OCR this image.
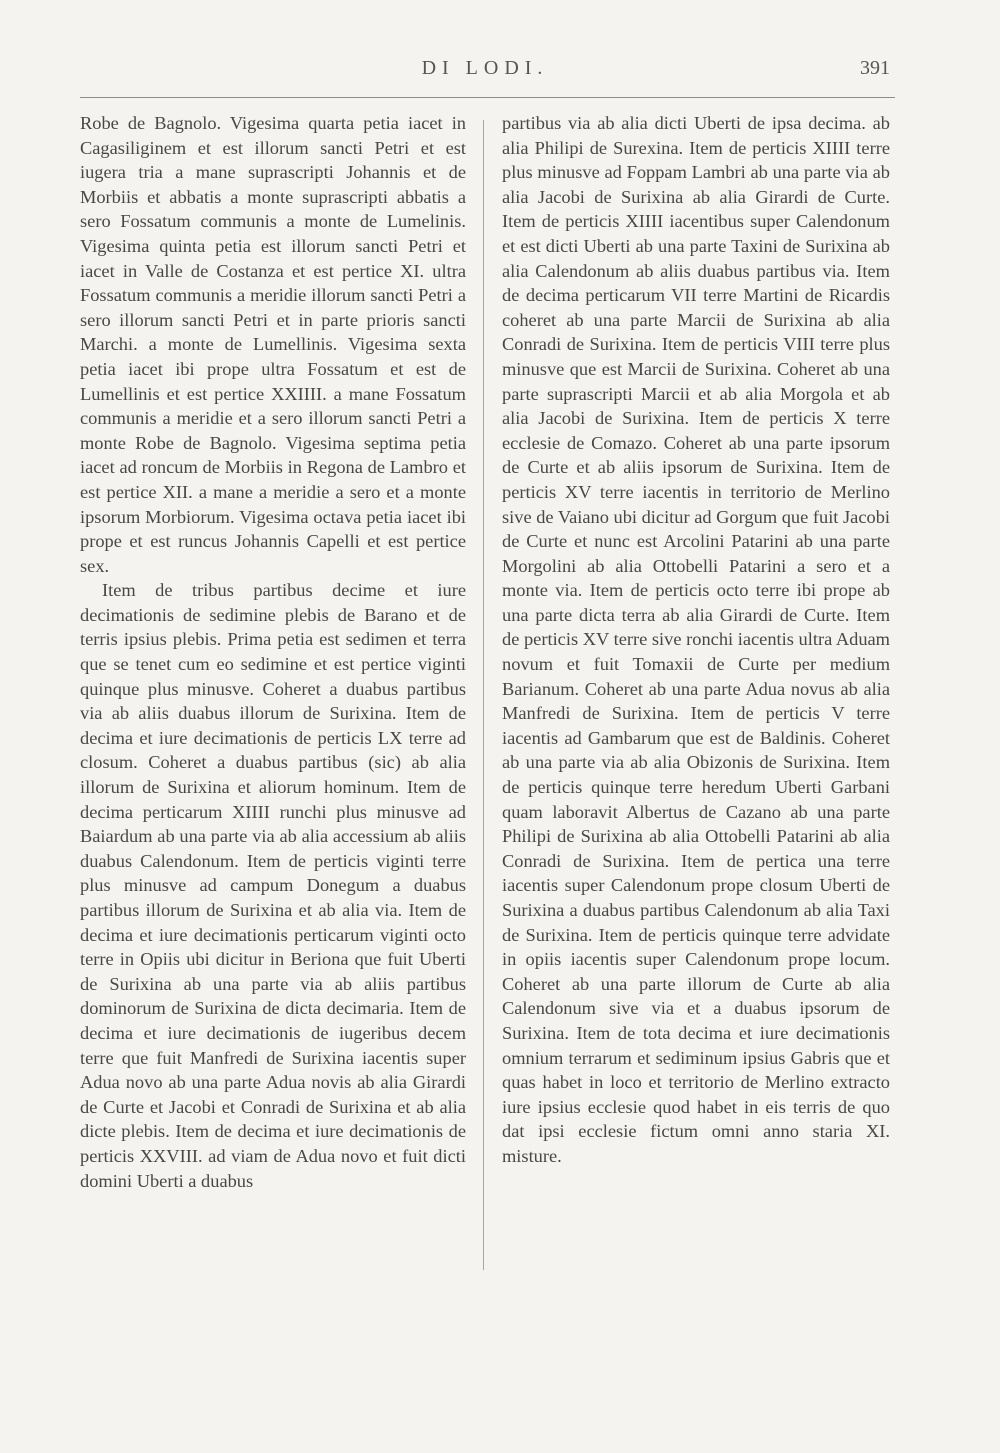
DI LODI.	391

Robe de Bagnolo. Vigesima quarta petia iacet in Cagasiliginem et est illorum sancti Petri et est iugera tria a mane suprascripti Johannis et de Morbiis et abbatis a monte suprascripti abbatis a sero Fossatum communis a monte de Lumelinis. Vigesima quinta petia est illorum sancti Petri et iacet in Valle de Costanza et est pertice XI. ultra Fossatum communis a meridie illorum sancti Petri a sero illorum sancti Petri et in parte prioris sancti Marchi. a monte de Lumellinis. Vigesima sexta petia iacet ibi prope ultra Fossatum et est de Lumellinis et est pertice XXIIII. a mane Fossatum communis a meridie et a sero illorum sancti Petri a monte Robe de Bagnolo. Vigesima septima petia iacet ad roncum de Morbiis in Regona de Lambro et est pertice XII. a mane a meridie a sero et a monte ipsorum Morbiorum. Vigesima octava petia iacet ibi prope et est runcus Johannis Capelli et est pertice sex.

Item de tribus partibus decime et iure decimationis de sedimine plebis de Barano et de terris ipsius plebis. Prima petia est sedimen et terra que se tenet cum eo sedimine et est pertice viginti quinque plus minusve. Coheret a duabus partibus via ab aliis duabus illorum de Surixina. Item de decima et iure decimationis de perticis LX terre ad closum. Coheret a duabus partibus (sic) ab alia illorum de Surixina et aliorum hominum. Item de decima perticarum XIIII runchi plus minusve ad Baiardum ab una parte via ab alia accessium ab aliis duabus Calendonum. Item de perticis viginti terre plus minusve ad campum Donegum a duabus partibus illorum de Surixina et ab alia via. Item de decima et iure decimationis perticarum viginti octo terre in Opiis ubi dicitur in Beriona que fuit Uberti de Surixina ab una parte via ab aliis partibus dominorum de Surixina de dicta decimaria. Item de decima et iure decimationis de iugeribus decem terre que fuit Manfredi de Surixina iacentis super Adua novo ab una parte Adua novis ab alia Girardi de Curte et Jacobi et Conradi de Surixina et ab alia dicte plebis. Item de decima et iure decimationis de perticis XXVIII. ad viam de Adua novo et fuit dicti domini Uberti a duabus

partibus via ab alia dicti Uberti de ipsa decima. ab alia Philipi de Surexina. Item de perticis XIIII terre plus minusve ad Foppam Lambri ab una parte via ab alia Jacobi de Surixina ab alia Girardi de Curte. Item de perticis XIIII iacentibus super Calendonum et est dicti Uberti ab una parte Taxini de Surixina ab alia Calendonum ab aliis duabus partibus via. Item de decima perticarum VII terre Martini de Ricardis coheret ab una parte Marcii de Surixina ab alia Conradi de Surixina. Item de perticis VIII terre plus minusve que est Marcii de Surixina. Coheret ab una parte suprascripti Marcii et ab alia Morgola et ab alia Jacobi de Surixina. Item de perticis X terre ecclesie de Comazo. Coheret ab una parte ipsorum de Curte et ab aliis ipsorum de Surixina. Item de perticis XV terre iacentis in territorio de Merlino sive de Vaiano ubi dicitur ad Gorgum que fuit Jacobi de Curte et nunc est Arcolini Patarini ab una parte Morgolini ab alia Ottobelli Patarini a sero et a monte via. Item de perticis octo terre ibi prope ab una parte dicta terra ab alia Girardi de Curte. Item de perticis XV terre sive ronchi iacentis ultra Aduam novum et fuit Tomaxii de Curte per medium Barianum. Coheret ab una parte Adua novus ab alia Manfredi de Surixina. Item de perticis V terre iacentis ad Gambarum que est de Baldinis. Coheret ab una parte via ab alia Obizonis de Surixina. Item de perticis quinque terre heredum Uberti Garbani quam laboravit Albertus de Cazano ab una parte Philipi de Surixina ab alia Ottobelli Patarini ab alia Conradi de Surixina. Item de pertica una terre iacentis super Calendonum prope closum Uberti de Surixina a duabus partibus Calendonum ab alia Taxi de Surixina. Item de perticis quinque terre advidate in opiis iacentis super Calendonum prope locum. Coheret ab una parte illorum de Curte ab alia Calendonum sive via et a duabus ipsorum de Surixina. Item de tota decima et iure decimationis omnium terrarum et sediminum ipsius Gabris que et quas habet in loco et territorio de Merlino extracto iure ipsius ecclesie quod habet in eis terris de quo dat ipsi ecclesie fictum omni anno staria XI. misture.
